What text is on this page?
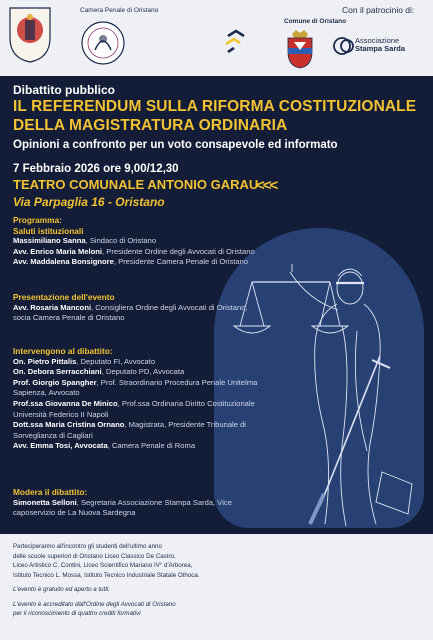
Camera Penale di Oristano
Comune di Oristano
Con il patrocinio di:
Associazione
Stampa Sarda
Dibattito pubblico
IL REFERENDUM SULLA RIFORMA COSTITUZIONALE
DELLA MAGISTRATURA ORDINARIA
Opinioni a confronto per un voto consapevole ed informato
7 Febbraio 2026 ore 9,00/12,30
TEATRO COMUNALE ANTONIO GARAU
<<<
Via Parpaglia 16 - Oristano
Programma:
Saluti istituzionali
Massimiliano Sanna, Sindaco di Oristano
Avv. Enrico Maria Meloni, Presidente Ordine degli Avvocati di Oristano
Avv. Maddalena Bonsignore, Presidente Camera Penale di Oristano
Presentazione dell'evento
Avv. Rosaria Manconi, Consigliera Ordine degli Avvocati di Oristano,
socia Camera Penale di Oristano
Intervengono al dibattito:
On. Pietro Pittalis, Deputato FI, Avvocato
On. Debora Serracchiani, Deputato PD, Avvocata
Prof. Giorgio Spangher, Prof. Straordinario Procedura Penale Unitelma
Sapienza, Avvocato
Prof.ssa Giovanna De Minico, Prof.ssa Ordinaria Diritto Costituzionale
Università Federico II Napoli
Dott.ssa Maria Cristina Ornano, Magistrata, Presidente Tribunale di
Sorveglianza di Cagliari
Avv. Emma Tosi, Avvocata, Camera Penale di Roma
Modera il dibattito:
Simonetta Selloni, Segretaria Associazione Stampa Sarda, Vice
caposervizio de La Nuova Sardegna

Parteciperanno all'incontro gli studenti dell'ultimo anno
delle scuole superiori di Oristano Liceo Classico De Castro,
Liceo Artistico C. Contini, Liceo Scientifico Mariano IV° d'Arborea,
Istituto Tecnico L. Mossa, Istituto Tecnico Industriale Statale Othoca.

L'evento è gratuito ed aperto a tutti.

L'evento è accreditato dall'Ordine degli Avvocati di Oristano
per il riconoscimento di quattro crediti formativi
